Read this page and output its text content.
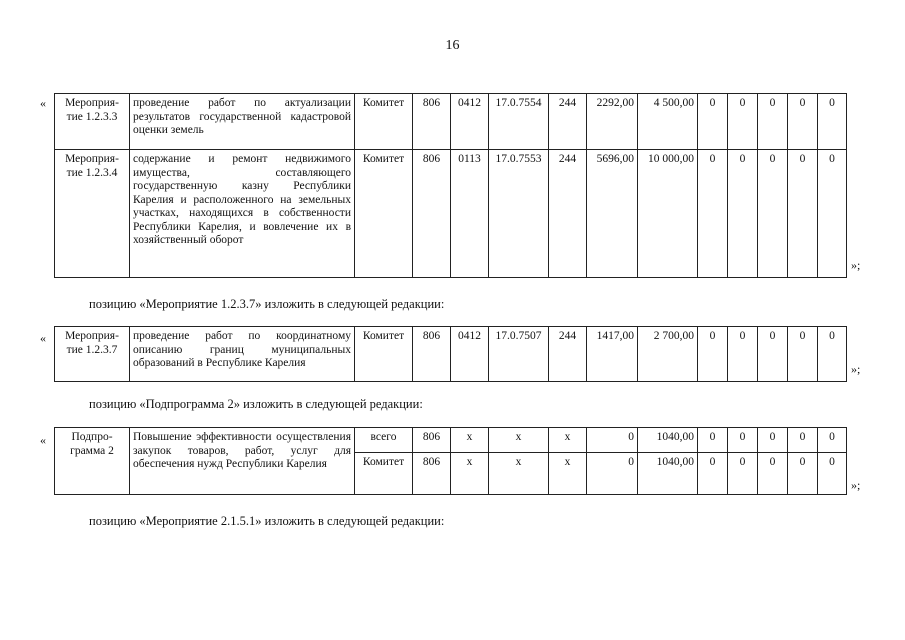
16
« Мероприя-тие 1.2.3.3	проведение работ по актуализации результатов государственной кадастровой оценки земель	Комитет	806	0412	17.0.7554	244	2292,00	4 500,00	0	0	0	0	0
Мероприя-тие 1.2.3.4	содержание и ремонт недвижимого имущества, составляющего государственную казну Республики Карелия и расположенного на земельных участках, находящихся в собственности Республики Карелия, и вовлечение их в хозяйственный оборот	Комитет	806	0113	17.0.7553	244	5696,00	10 000,00	0	0	0	0	0
»;
позицию «Мероприятие 1.2.3.7» изложить в следующей редакции:
« Мероприя-тие 1.2.3.7	проведение работ по координатному описанию границ муниципальных образований в Республике Карелия	Комитет	806	0412	17.0.7507	244	1417,00	2 700,00	0	0	0	0	0
»;
позицию «Подпрограмма 2» изложить в следующей редакции:
« Подпро-грамма 2	Повышение эффективности осуществления закупок товаров, работ, услуг для обеспечения нужд Республики Карелия	всего	806	х	х	х	0	1040,00	0	0	0	0	0
		Комитет	806	х	х	х	0	1040,00	0	0	0	0	0
»;
позицию «Мероприятие 2.1.5.1» изложить в следующей редакции:
